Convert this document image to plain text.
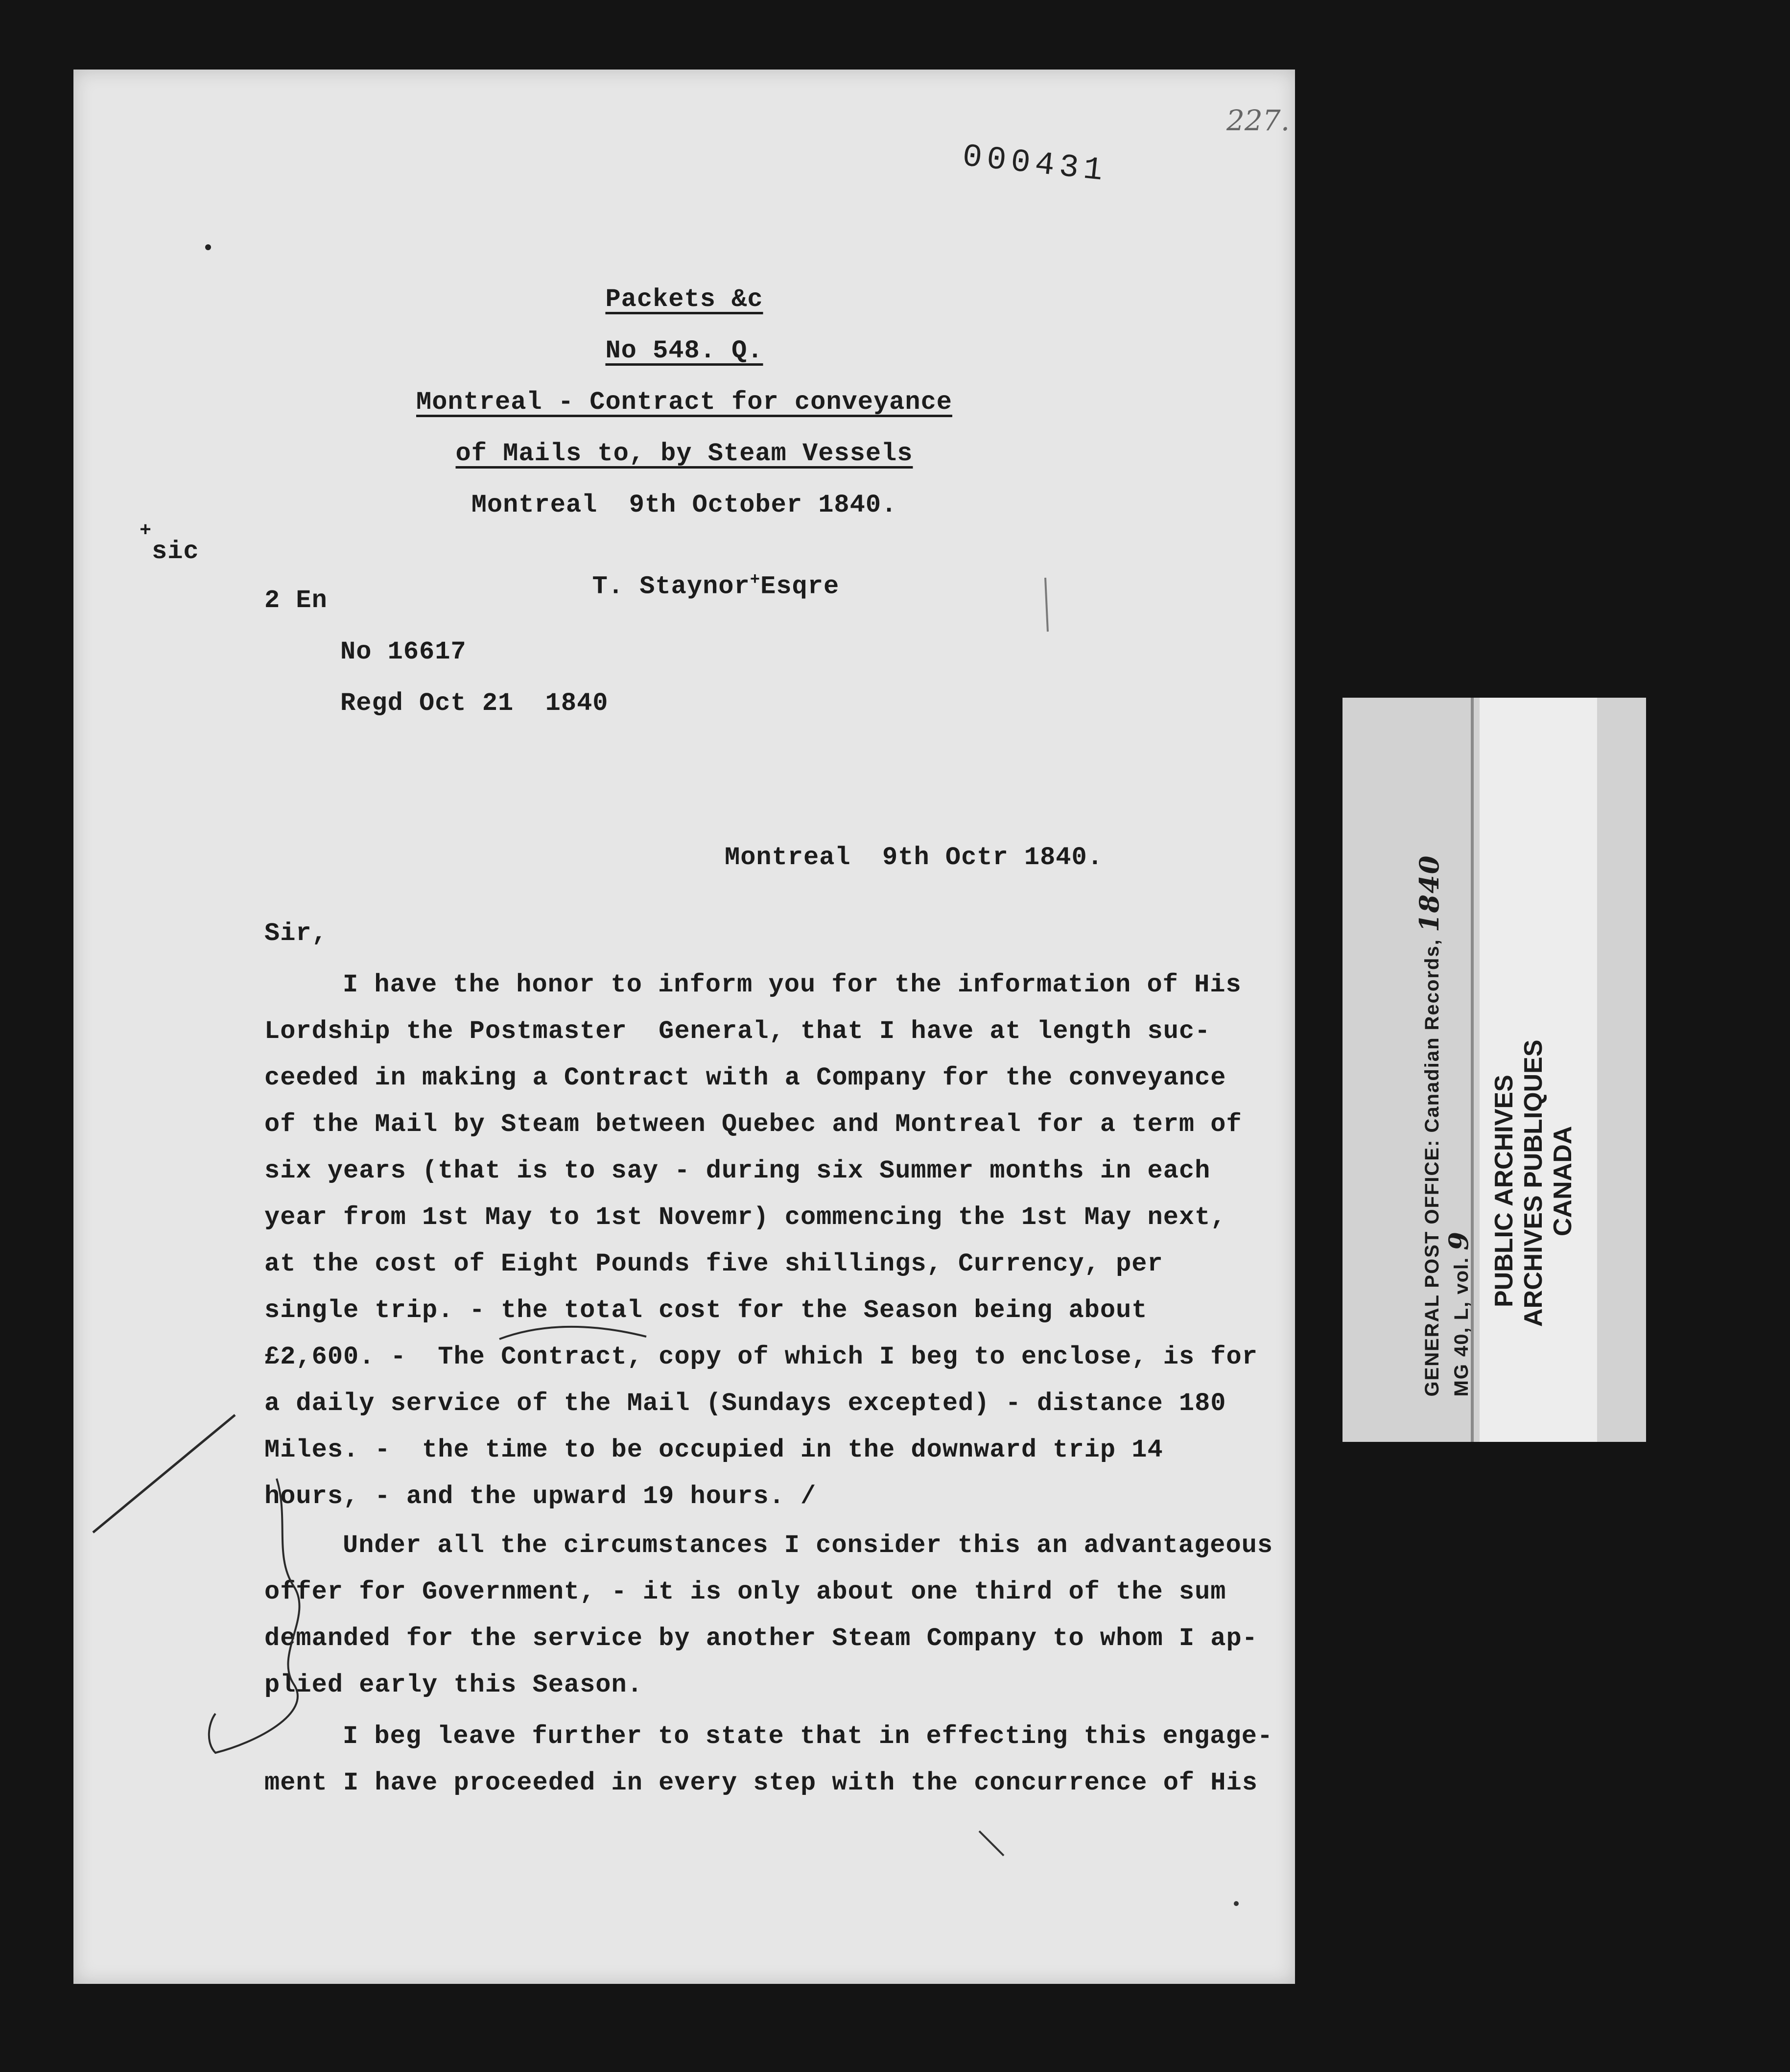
227.
000431
Packets &c
No 548. Q.
Montreal - Contract for conveyance
of Mails to, by Steam Vessels
Montreal  9th October 1840.

T. Staynor+Esqre

+
sic
2 En
No 16617
Regd Oct 21  1840
Montreal  9th Octr 1840.
Sir,
I have the honor to inform you for the information of His
Lordship the Postmaster  General, that I have at length suc-
ceeded in making a Contract with a Company for the conveyance
of the Mail by Steam between Quebec and Montreal for a term of
six years (that is to say - during six Summer months in each
year from 1st May to 1st Novemr) commencing the 1st May next,
at the cost of Eight Pounds five shillings, Currency, per
single trip. - the total cost for the Season being about
£2,600. -  The Contract, copy of which I beg to enclose, is for
a daily service of the Mail (Sundays excepted) - distance 180
Miles. -  the time to be occupied in the downward trip 14
hours, - and the upward 19 hours. /
Under all the circumstances I consider this an advantageous
offer for Government, - it is only about one third of the sum
demanded for the service by another Steam Company to whom I ap-
plied early this Season.
I beg leave further to state that in effecting this engage-
ment I have proceeded in every step with the concurrence of His

GENERAL POST OFFICE: Canadian Records, 1840

MG 40, L, vol. 9
PUBLIC ARCHIVES ARCHIVES PUBLIQUES CANADA
